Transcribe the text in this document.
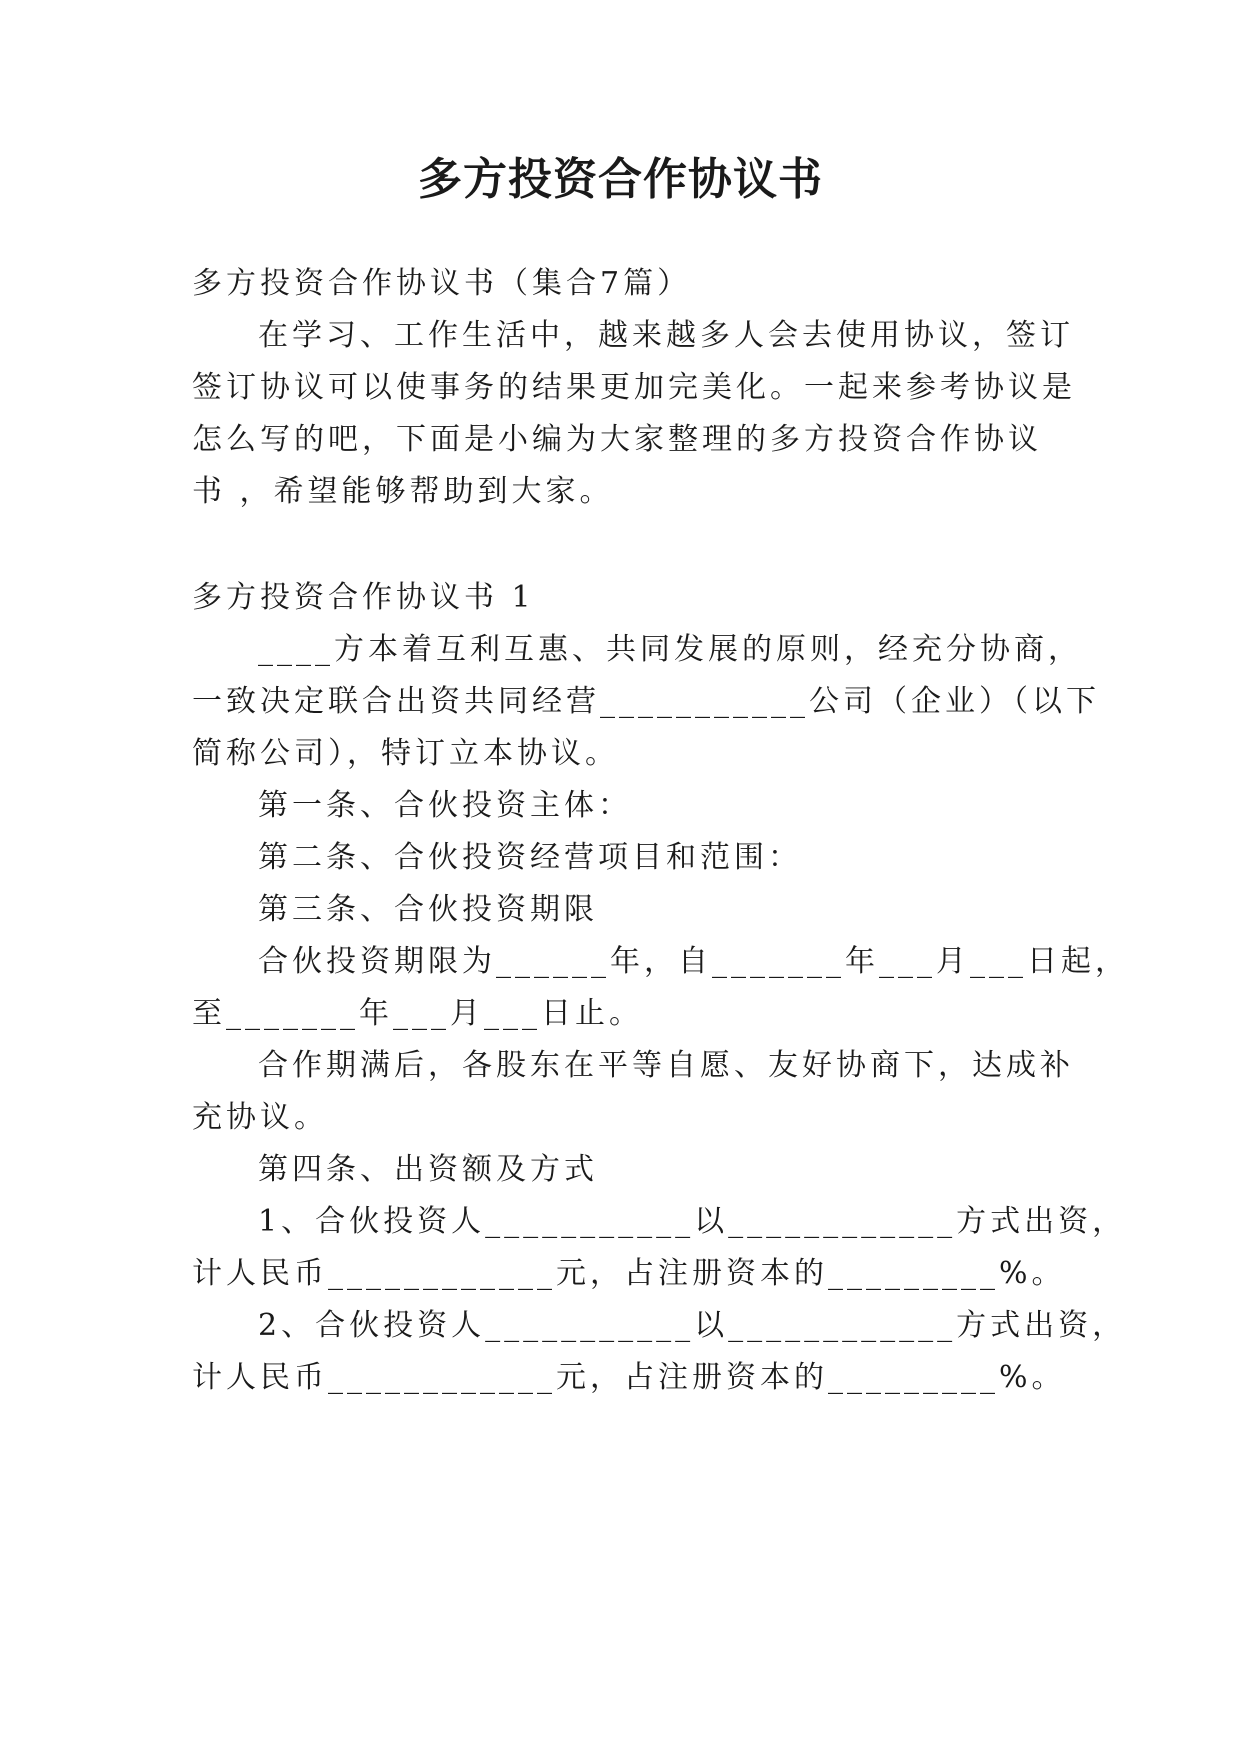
多方投资合作协议书
多方投资合作协议书（集合7篇）
在学习、工作生活中，越来越多人会去使用协议，签订
签订协议可以使事务的结果更加完美化。一起来参考协议是
怎么写的吧，下面是小编为大家整理的多方投资合作协议
书 ，希望能够帮助到大家。
多方投资合作协议书 1
____方本着互利互惠、共同发展的原则，经充分协商，
一致决定联合出资共同经营___________公司（企业）（以下
简称公司），特订立本协议。
第一条、合伙投资主体：
第二条、合伙投资经营项目和范围：
第三条、合伙投资期限
合伙投资期限为______年，自_______年___月___日起，
至_______年___月___日止。
合作期满后，各股东在平等自愿、友好协商下，达成补
充协议。
第四条、出资额及方式
1、合伙投资人___________以____________方式出资，
计人民币____________元，占注册资本的_________%。
2、合伙投资人___________以____________方式出资，
计人民币____________元，占注册资本的_________%。
